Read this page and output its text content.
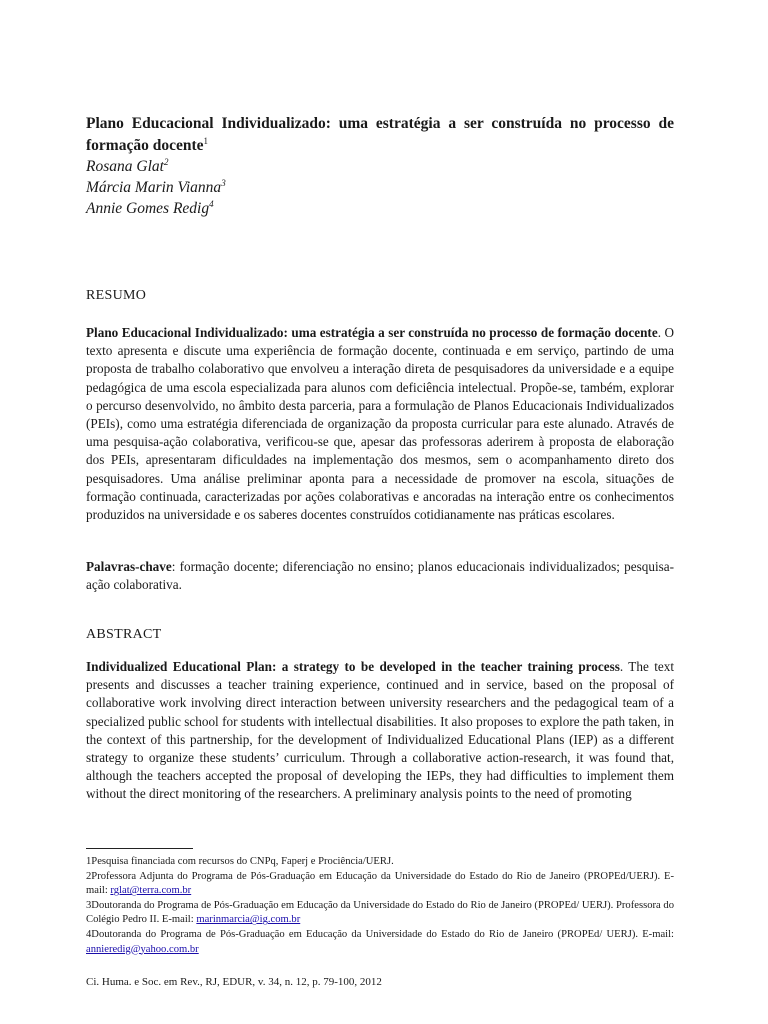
Plano Educacional Individualizado: uma estratégia a ser construída no processo de formação docente$^1$
Rosana Glat$^2$
Márcia Marin Vianna$^3$
Annie Gomes Redig$^4$
RESUMO

Plano Educacional Individualizado: uma estratégia a ser construída no processo de formação docente. O texto apresenta e discute uma experiência de formação docente, continuada e em serviço, partindo de uma proposta de trabalho colaborativo que envolveu a interação direta de pesquisadores da universidade e a equipe pedagógica de uma escola especializada para alunos com deficiência intelectual. Propõe-se, também, explorar o percurso desenvolvido, no âmbito desta parceria, para a formulação de Planos Educacionais Individualizados (PEIs), como uma estratégia diferenciada de organização da proposta curricular para este alunado. Através de uma pesquisa-ação colaborativa, verificou-se que, apesar das professoras aderirem à proposta de elaboração dos PEIs, apresentaram dificuldades na implementação dos mesmos, sem o acompanhamento direto dos pesquisadores. Uma análise preliminar aponta para a necessidade de promover na escola, situações de formação continuada, caracterizadas por ações colaborativas e ancoradas na interação entre os conhecimentos produzidos na universidade e os saberes docentes construídos cotidianamente nas práticas escolares.

Palavras-chave: formação docente; diferenciação no ensino; planos educacionais individualizados; pesquisa-ação colaborativa.

ABSTRACT

Individualized Educational Plan: a strategy to be developed in the teacher training process. The text presents and discusses a teacher training experience, continued and in service, based on the proposal of collaborative work involving direct interaction between university researchers and the pedagogical team of a specialized public school for students with intellectual disabilities. It also proposes to explore the path taken, in the context of this partnership, for the development of Individualized Educational Plans (IEP) as a different strategy to organize these students’ curriculum. Through a collaborative action-research, it was found that, although the teachers accepted the proposal of developing the IEPs, they had difficulties to implement them without the direct monitoring of the researchers. A preliminary analysis points to the need of promoting

1Pesquisa financiada com recursos do CNPq, Faperj e Prociência/UERJ.
2Professora Adjunta do Programa de Pós-Graduação em Educação da Universidade do Estado do Rio de Janeiro (PROPEd/UERJ). E-mail: rglat@terra.com.br
3Doutoranda do Programa de Pós-Graduação em Educação da Universidade do Estado do Rio de Janeiro (PROPEd/ UERJ). Professora do Colégio Pedro II. E-mail: marinmarcia@ig.com.br
4Doutoranda do Programa de Pós-Graduação em Educação da Universidade do Estado do Rio de Janeiro (PROPEd/ UERJ). E-mail: annieredig@yahoo.com.br

Ci. Huma. e Soc. em Rev., RJ, EDUR, v. 34, n. 12, p. 79-100, 2012
